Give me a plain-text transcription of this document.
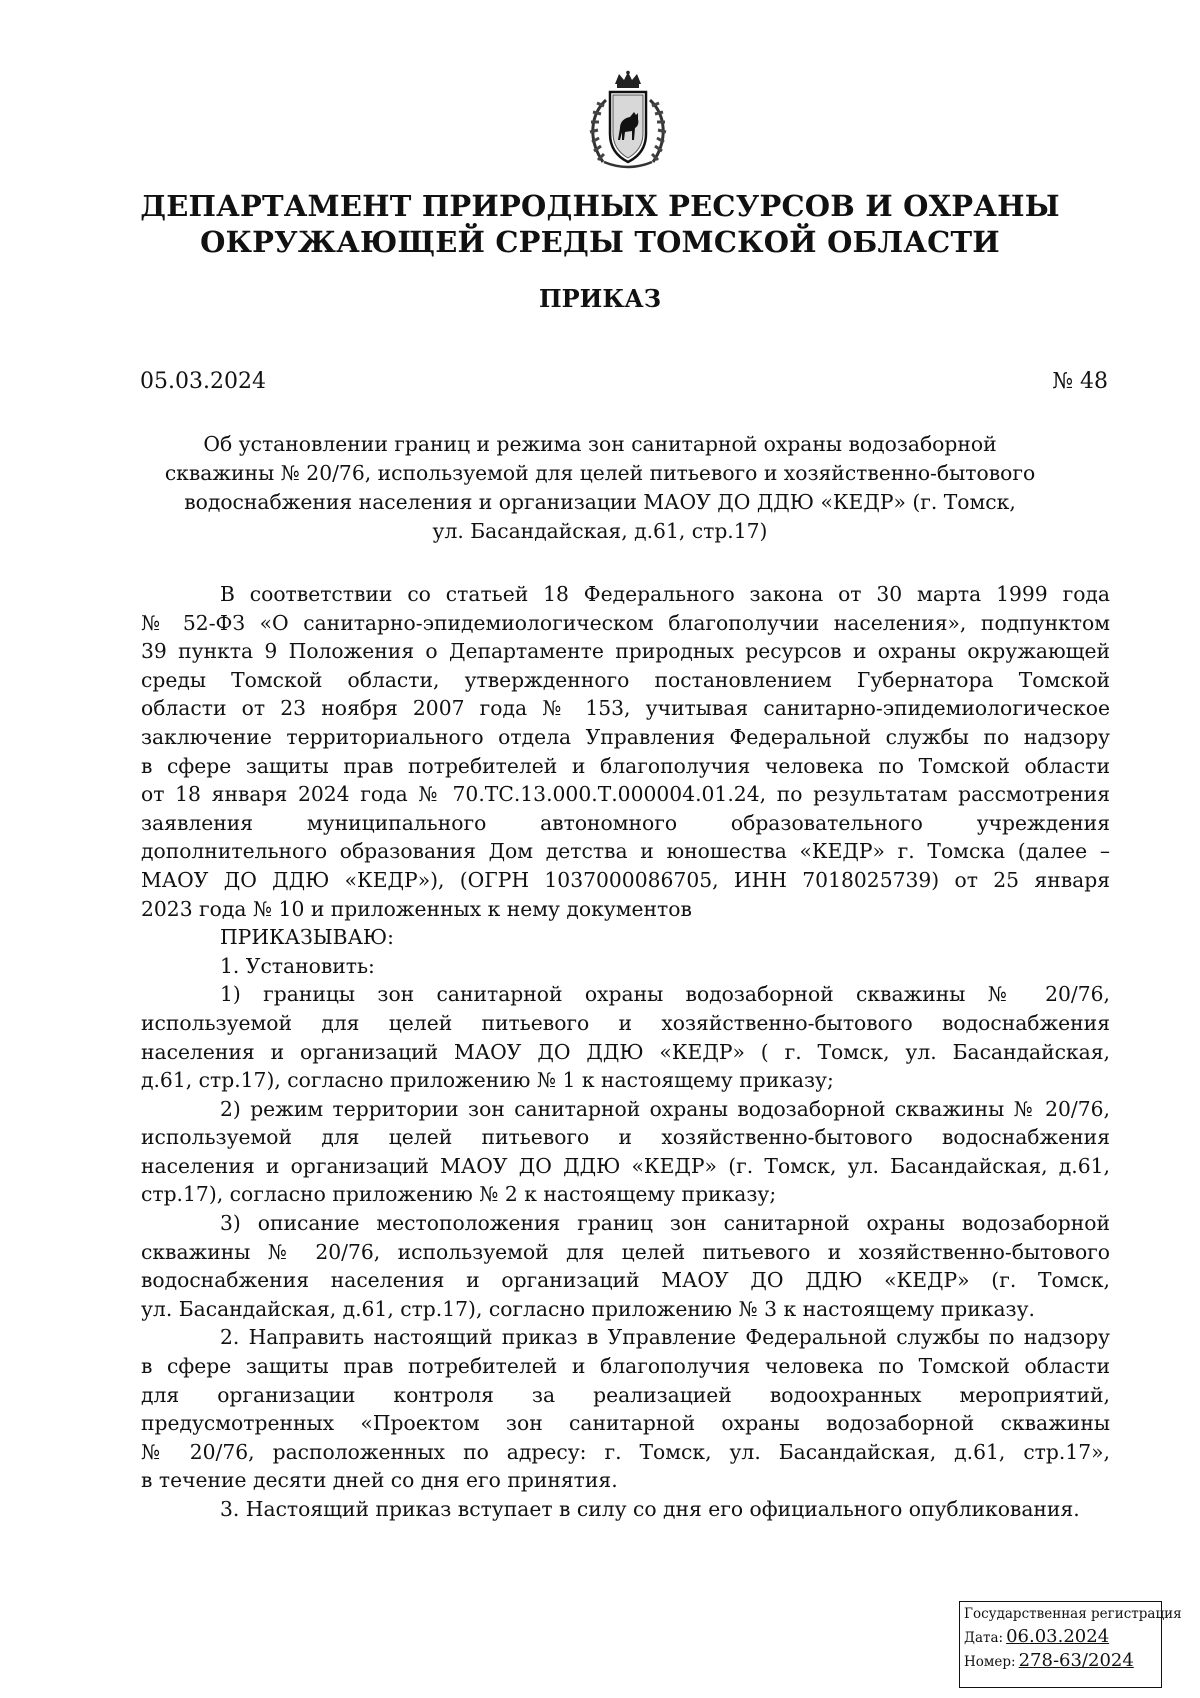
ДЕПАРТАМЕНТ ПРИРОДНЫХ РЕСУРСОВ И ОХРАНЫ
ОКРУЖАЮЩЕЙ СРЕДЫ ТОМСКОЙ ОБЛАСТИ
ПРИКАЗ
05.03.2024	№ 48
Об установлении границ и режима зон санитарной охраны водозаборной
скважины № 20/76, используемой для целей питьевого и хозяйственно-бытового
водоснабжения населения и организации МАОУ ДО ДДЮ «КЕДР» (г. Томск,
ул. Басандайская, д.61, стр.17)
В соответствии со статьей 18 Федерального закона от 30 марта 1999 года
№ 52-ФЗ «О санитарно-эпидемиологическом благополучии населения», подпунктом
39 пункта 9 Положения о Департаменте природных ресурсов и охраны окружающей
среды Томской области, утвержденного постановлением Губернатора Томской
области от 23 ноября 2007 года № 153, учитывая санитарно-эпидемиологическое
заключение территориального отдела Управления Федеральной службы по надзору
в сфере защиты прав потребителей и благополучия человека по Томской области
от 18 января 2024 года № 70.ТС.13.000.Т.000004.01.24, по результатам рассмотрения
заявления муниципального автономного образовательного учреждения
дополнительного образования Дом детства и юношества «КЕДР» г. Томска (далее –
МАОУ ДО ДДЮ «КЕДР»), (ОГРН 1037000086705, ИНН 7018025739) от 25 января
2023 года № 10 и приложенных к нему документов
ПРИКАЗЫВАЮ:
1. Установить:
1) границы зон санитарной охраны водозаборной скважины № 20/76,
используемой для целей питьевого и хозяйственно-бытового водоснабжения
населения и организаций МАОУ ДО ДДЮ «КЕДР» ( г. Томск, ул. Басандайская,
д.61, стр.17), согласно приложению № 1 к настоящему приказу;
2) режим территории зон санитарной охраны водозаборной скважины № 20/76,
используемой для целей питьевого и хозяйственно-бытового водоснабжения
населения и организаций МАОУ ДО ДДЮ «КЕДР» (г. Томск, ул. Басандайская, д.61,
стр.17), согласно приложению № 2 к настоящему приказу;
3) описание местоположения границ зон санитарной охраны водозаборной
скважины № 20/76, используемой для целей питьевого и хозяйственно-бытового
водоснабжения населения и организаций МАОУ ДО ДДЮ «КЕДР» (г. Томск,
ул. Басандайская, д.61, стр.17), согласно приложению № 3 к настоящему приказу.
2. Направить настоящий приказ в Управление Федеральной службы по надзору
в сфере защиты прав потребителей и благополучия человека по Томской области
для организации контроля за реализацией водоохранных мероприятий,
предусмотренных «Проектом зон санитарной охраны водозаборной скважины
№ 20/76, расположенных по адресу: г. Томск, ул. Басандайская, д.61, стр.17»,
в течение десяти дней со дня его принятия.
3. Настоящий приказ вступает в силу со дня его официального опубликования.
Государственная регистрация
Дата: 06.03.2024
Номер: 278-63/2024
